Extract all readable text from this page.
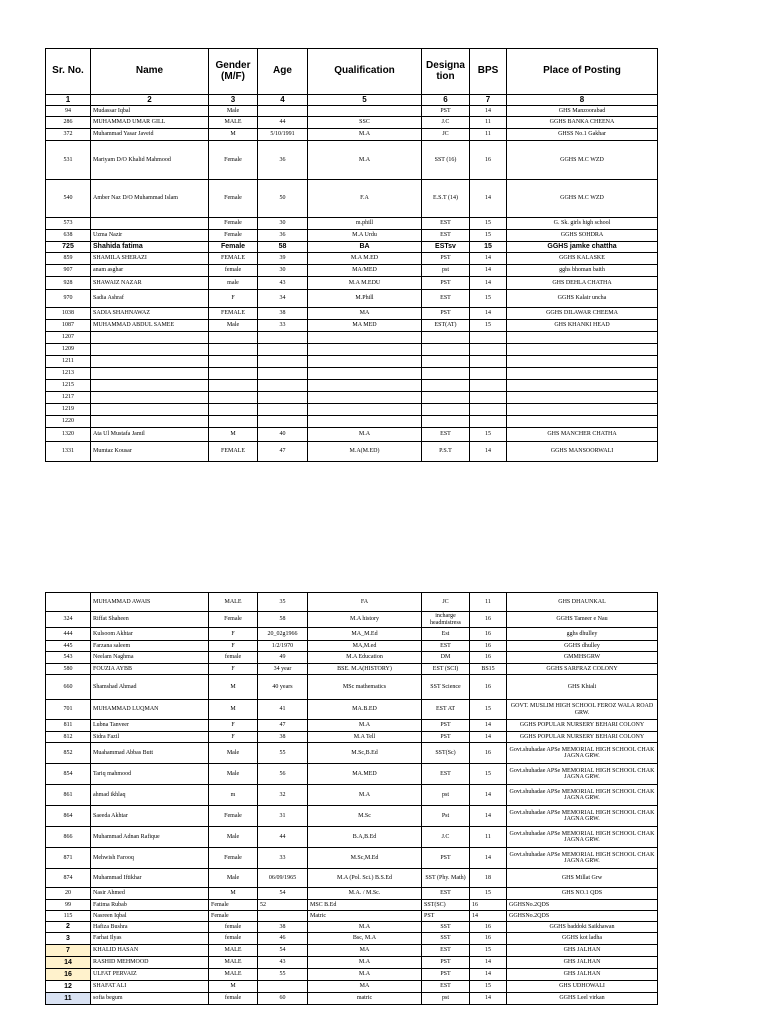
Sr. No.	Name	Gender (M/F)	Age	Qualification	Designa tion	BPS	Place of Posting
1	2	3	4	5	6	7	8
94	Mudassar Iqbal	Male			PST	14	GHS Manzoorabad
286	MUHAMMAD UMAR GILL	MALE	44	SSC	J.C	11	GGHS BANKA CHEENA
372	Muhammad Yasar Javeid	M	5/10/1991	M.A	JC	11	GHSS No.1 Gakhar
531	Mariyam D/O Khalid Mahmood	Female	36	M.A	SST (16)	16	GGHS M.C WZD
540	Amber Naz D/O Muhammad Islam	Female	50	F.A	E.S.T (14)	14	GGHS M.C WZD
573		Female	30	m.phill	EST	15	G. Sk. girls high school
638	Uzma Nazir	Female	36	M.A Urdu	EST	15	GGHS SOHDRA
725	Shahida fatima	Female	58	BA	ESTsv	15	GGHS jamke chattha
859	SHAMILA SHERAZI	FEMALE	39	M.A M.ED	PST	14	GGHS KALASKE
907	anam asghar	female	30	MA/MED	pst	14	gghs bhoman baith
928	SHAWAIZ NAZAR	male	43	M.A M.EDU	PST	14	GHS DEHLA CHATHA
970	Sadia Ashraf	F	34	M.Phill	EST	15	GGHS Kalair uncha
1038	SADIA SHAHNAWAZ	FEMALE	38	MA	PST	14	GGHS DILAWAR CHEEMA
1087	MUHAMMAD ABDUL SAMEE	Male	33	MA MED	EST(AT)	15	GHS KHANKI HEAD
1207							
1209							
1211							
1213							
1215							
1217							
1219							
1220							
1320	Ata Ul Mustafa Jamil	M	40	M.A	EST	15	GHS MANCHER CHATHA
1331	Mumtaz Kousar	FEMALE	47	M.A(M.ED)	P.S.T	14	GGHS MANSOORWALI
	MUHAMMAD AWAIS	MALE	35	FA	JC	11	GHS DHAUNKAL
324	Riffat Shaheen	Female	58	M.A history	incharge headmistress	16	GGHS Tameer e Nau
444	Kulsoom Akhtar	F	20_02g1966	MA_M.Ed	Est	16	gghs dhulley
445	Farzana saleem	F	1/2/1970	MA,M.ed	EST	16	GGHS dhulley
543	Neelam Naghma	female	49	M.A Education	DM	16	GMMHSGRW
580	FOUZIA AYBB	F	34 year	BSE. M.A(HISTORY)	EST (SCI)	BS15	GGHS SARFRAZ COLONY
660	Shamshad Ahmad	M	40 years	MSc mathematics	SST Science	16	GHS Khiali
701	MUHAMMAD LUQMAN	M	41	MA.B.ED	EST AT	15	GOVT. MUSLIM HIGH SCHOOL FEROZ WALA ROAD GRW.
811	Lubna Tanveer	F	47	M.A	PST	14	GGHS POPULAR NURSERY BEHARI COLONY
812	Sidra Fazil	F	38	M.A Tell	PST	14	GGHS POPULAR NURSERY BEHARI COLONY
852	Muahammad Abbas Butt	Male	55	M.Sc,B.Ed	SST(Sc)	16	Govt.shuhadae APSe MEMORIAL HIGH SCHOOL CHAK JAGNA GRW.
854	Tariq mahmood	Male	56	MA.MED	EST	15	Govt.shuhadae APSe MEMORIAL HIGH SCHOOL CHAK JAGNA GRW.
861	ahmad ikhlaq	m	32	M.A	pst	14	Govt.shuhadae APSe MEMORIAL HIGH SCHOOL CHAK JAGNA GRW.
864	Saeeda Akhtar	Female	31	M.Sc	Pst	14	Govt.shuhadae APSe MEMORIAL HIGH SCHOOL CHAK JAGNA GRW.
866	Muhammad Adnan Rafique	Male	44	B.A,B.Ed	J.C	11	Govt.shuhadae APSe MEMORIAL HIGH SCHOOL CHAK JAGNA GRW.
871	Mehwish Farooq	Female	33	M.Sc,M.Ed	PST	14	Govt.shuhadae APSe MEMORIAL HIGH SCHOOL CHAK JAGNA GRW.
874	Muhammad Iftikhar	Male	06/09/1965	M.A (Pol. Sci.) B.S.Ed	SST (Phy. Math)	18	GHS Millat Grw
20	Nasir Ahmed	M	54	M.A. / M.Sc.	EST	15	GHS NO.1 QDS
99	Fatima Rubab	Female	52	MSC B.Ed	SST(SC)	16	GGHSNo.2QDS
115	Nasreen Iqbal	Female		Matric	PST	14	GGHSNo.2QDS
2	Hafiza Bushra	female	38	M.A	SST	16	GGHS baddoki Saikhawan
3	Farhat Ilyas	female	46	Bsc, M.A	SST	16	GGHS kot ladha
7	KHALID HASAN	MALE	54	MA	EST	15	GHS JALHAN
14	RASHID MEHMOOD	MALE	43	M.A	PST	14	GHS JALHAN
16	ULFAT PERVAIZ	MALE	55	M.A	PST	14	GHS JALHAN
12	SHAFAT ALI	M		MA	EST	15	GHS UDHOWALI
11	sofia begum	female	60	matric	pst	14	GGHS Leel virkan
